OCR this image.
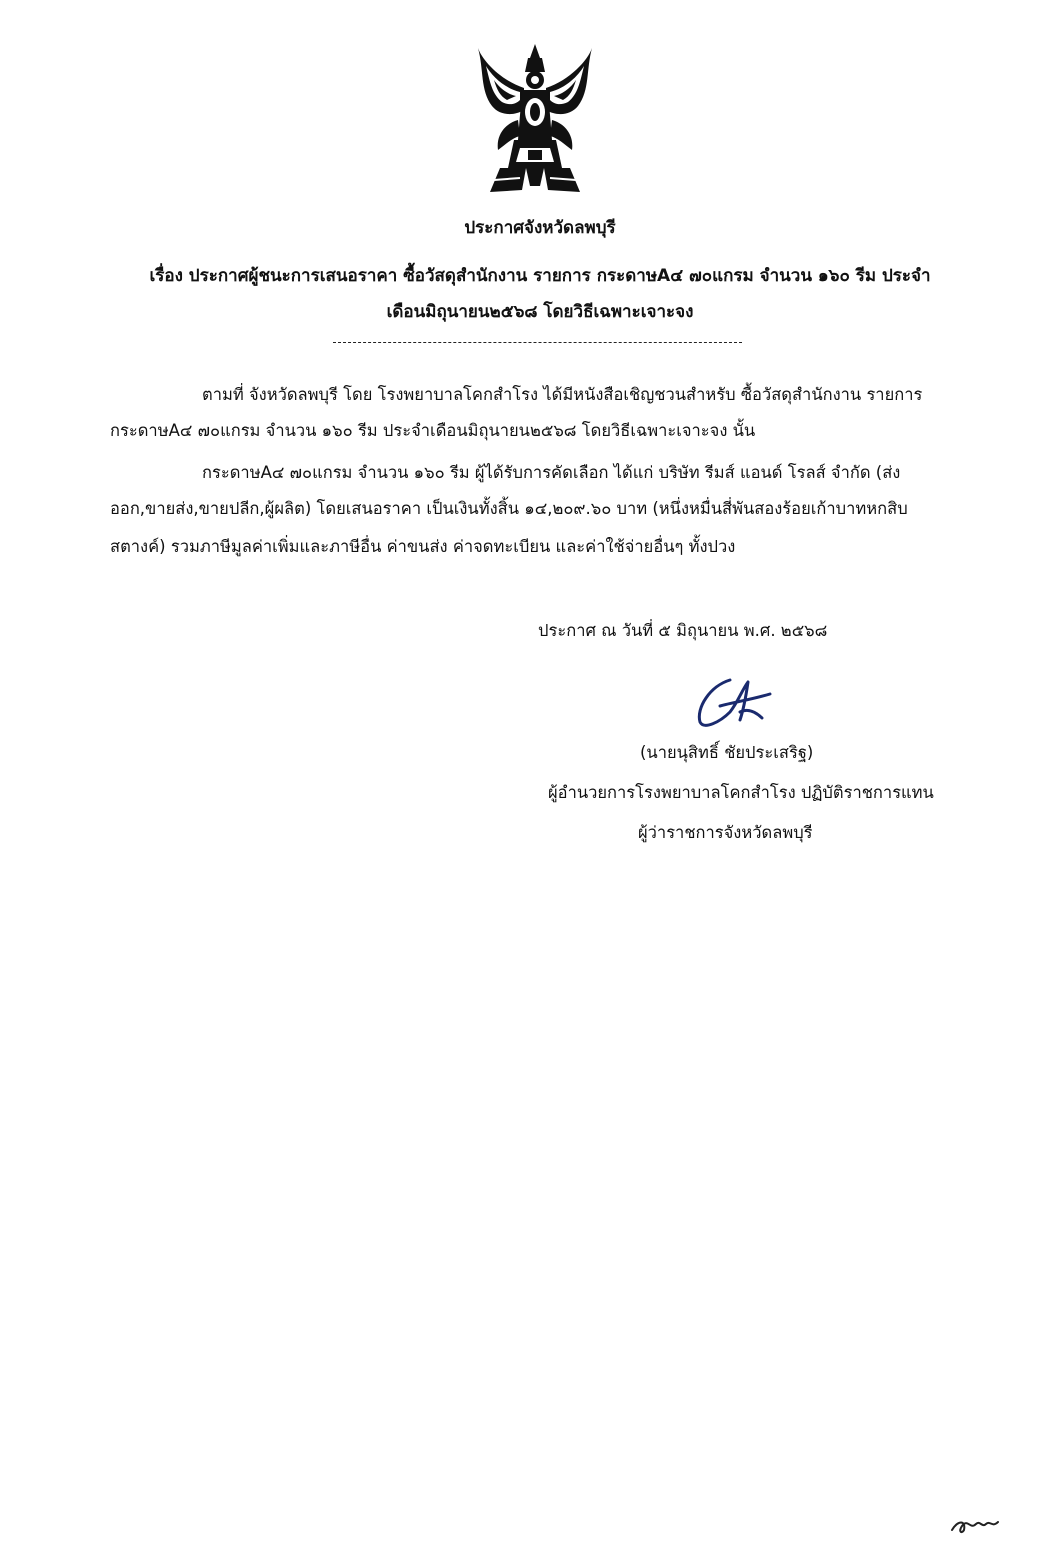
ประกาศจังหวัดลพบุรี
เรื่อง ประกาศผู้ชนะการเสนอราคา ซื้อวัสดุสำนักงาน รายการ กระดาษA๔ ๗๐แกรม จำนวน ๑๖๐ รีม ประจำ
เดือนมิถุนายน๒๕๖๘ โดยวิธีเฉพาะเจาะจง
ตามที่ จังหวัดลพบุรี โดย โรงพยาบาลโคกสำโรง ได้มีหนังสือเชิญชวนสำหรับ ซื้อวัสดุสำนักงาน รายการ
กระดาษA๔ ๗๐แกรม จำนวน ๑๖๐ รีม ประจำเดือนมิถุนายน๒๕๖๘ โดยวิธีเฉพาะเจาะจง นั้น
กระดาษA๔ ๗๐แกรม จำนวน ๑๖๐ รีม ผู้ได้รับการคัดเลือก ได้แก่ บริษัท รีมส์ แอนด์ โรลส์ จำกัด (ส่ง
ออก,ขายส่ง,ขายปลีก,ผู้ผลิต) โดยเสนอราคา เป็นเงินทั้งสิ้น ๑๔,๒๐๙.๖๐ บาท (หนึ่งหมื่นสี่พันสองร้อยเก้าบาทหกสิบ
สตางค์) รวมภาษีมูลค่าเพิ่มและภาษีอื่น ค่าขนส่ง ค่าจดทะเบียน และค่าใช้จ่ายอื่นๆ ทั้งปวง
ประกาศ ณ วันที่ ๕ มิถุนายน พ.ศ. ๒๕๖๘
(นายนุสิทธิ์ ชัยประเสริฐ)
ผู้อำนวยการโรงพยาบาลโคกสำโรง ปฏิบัติราชการแทน
ผู้ว่าราชการจังหวัดลพบุรี
